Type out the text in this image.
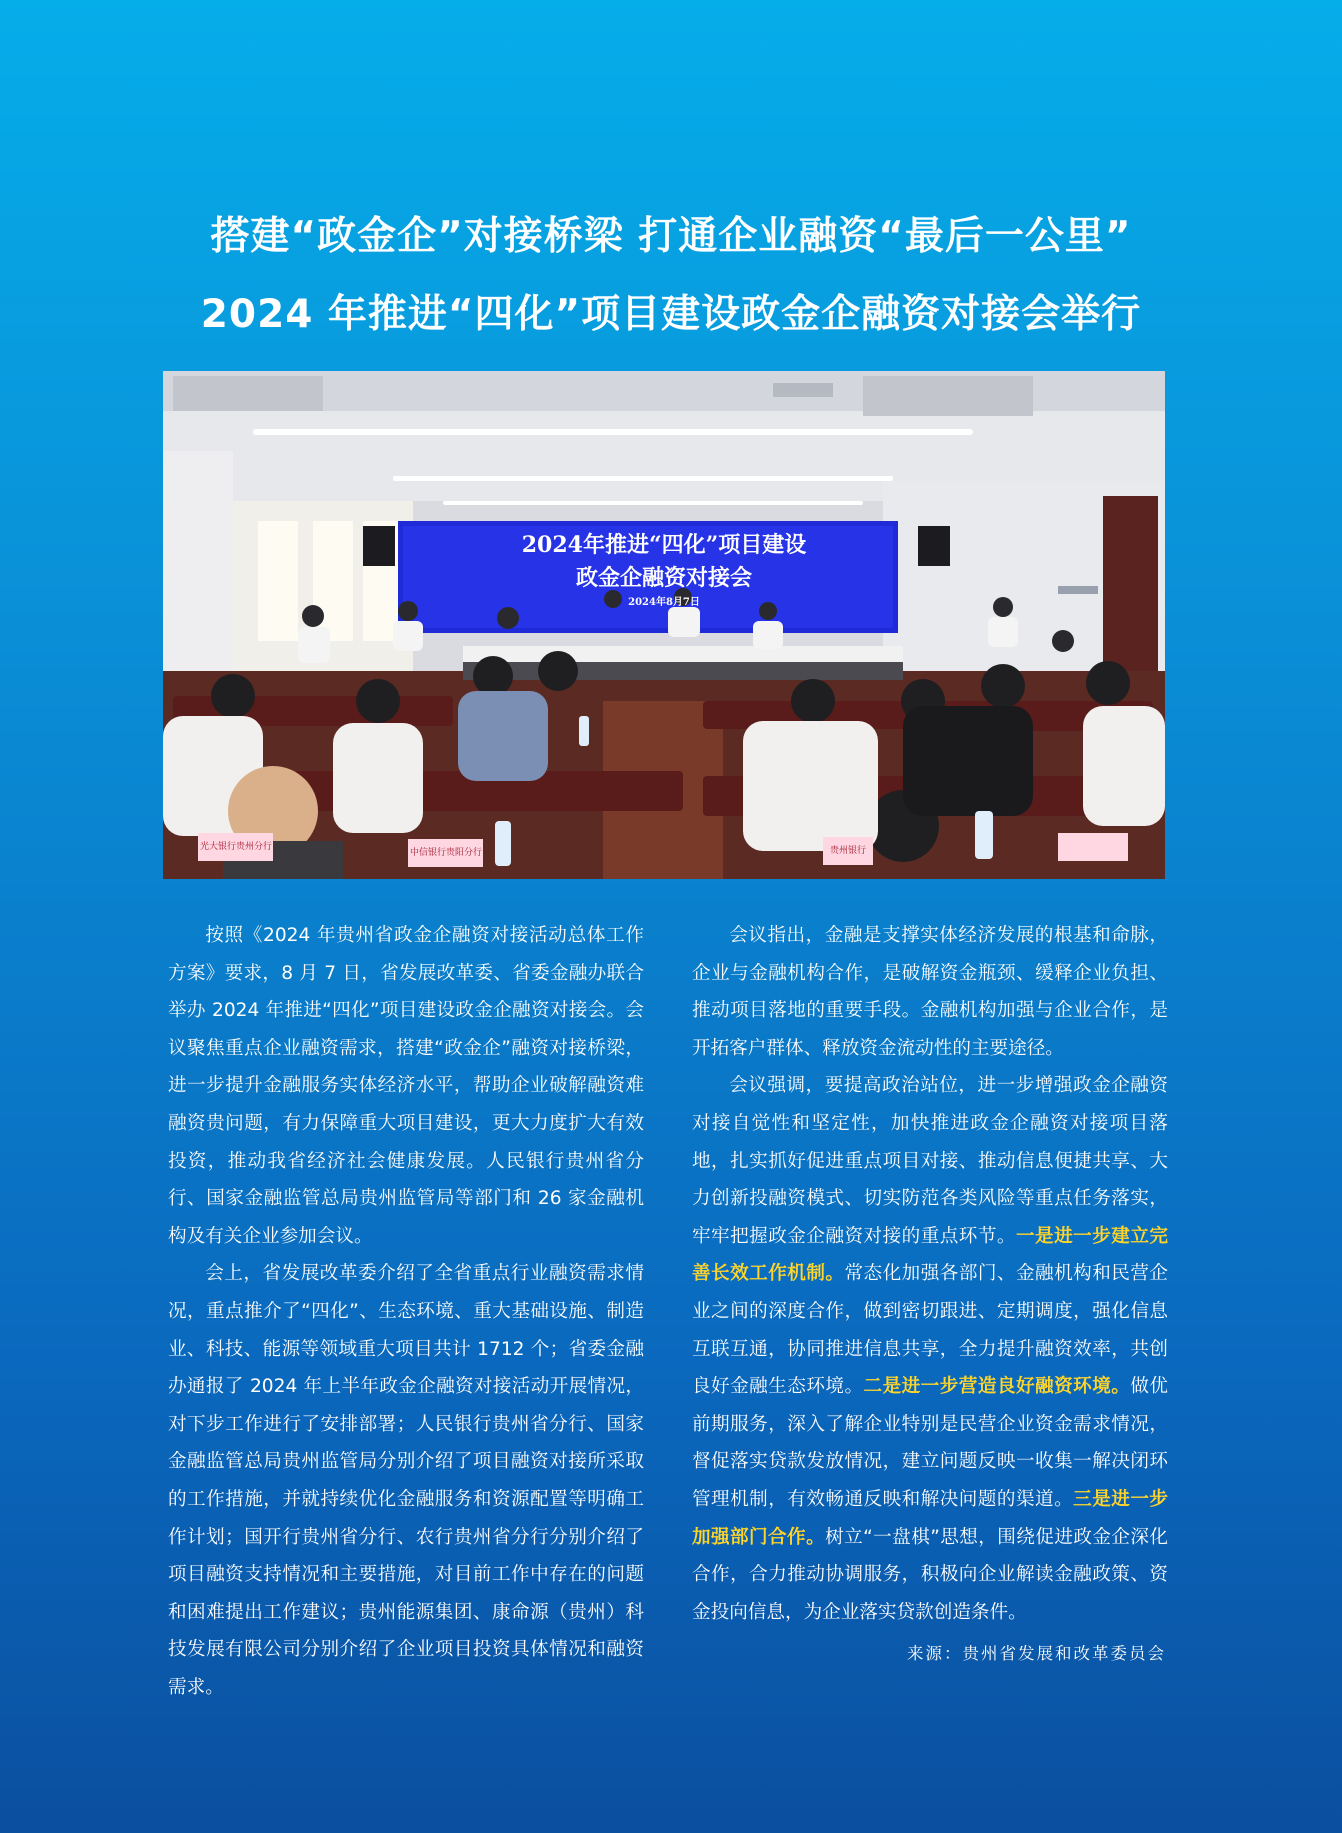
搭建“政金企”对接桥梁 打通企业融资“最后一公里”
2024 年推进“四化”项目建设政金企融资对接会举行
2024年推进“四化”项目建设
政金企融资对接会
2024年8月7日
光大银行贵州分行
中信银行贵阳分行	贵州银行

按照《2024 年贵州省政金企融资对接活动总体工作方案》要求，8 月 7 日，省发展改革委、省委金融办联合举办 2024 年推进“四化”项目建设政金企融资对接会。会议聚焦重点企业融资需求，搭建“政金企”融资对接桥梁，进一步提升金融服务实体经济水平，帮助企业破解融资难融资贵问题，有力保障重大项目建设，更大力度扩大有效投资，推动我省经济社会健康发展。人民银行贵州省分行、国家金融监管总局贵州监管局等部门和 26 家金融机构及有关企业参加会议。

会上，省发展改革委介绍了全省重点行业融资需求情况，重点推介了“四化”、生态环境、重大基础设施、制造业、科技、能源等领域重大项目共计 1712 个；省委金融办通报了 2024 年上半年政金企融资对接活动开展情况，对下步工作进行了安排部署；人民银行贵州省分行、国家金融监管总局贵州监管局分别介绍了项目融资对接所采取的工作措施，并就持续优化金融服务和资源配置等明确工作计划；国开行贵州省分行、农行贵州省分行分别介绍了项目融资支持情况和主要措施，对目前工作中存在的问题和困难提出工作建议；贵州能源集团、康命源（贵州）科技发展有限公司分别介绍了企业项目投资具体情况和融资需求。

会议指出，金融是支撑实体经济发展的根基和命脉，企业与金融机构合作，是破解资金瓶颈、缓释企业负担、推动项目落地的重要手段。金融机构加强与企业合作，是开拓客户群体、释放资金流动性的主要途径。

会议强调，要提高政治站位，进一步增强政金企融资对接自觉性和坚定性，加快推进政金企融资对接项目落地，扎实抓好促进重点项目对接、推动信息便捷共享、大力创新投融资模式、切实防范各类风险等重点任务落实，牢牢把握政金企融资对接的重点环节。一是进一步建立完善长效工作机制。常态化加强各部门、金融机构和民营企业之间的深度合作，做到密切跟进、定期调度，强化信息互联互通，协同推进信息共享，全力提升融资效率，共创良好金融生态环境。二是进一步营造良好融资环境。做优前期服务，深入了解企业特别是民营企业资金需求情况，督促落实贷款发放情况，建立问题反映一收集一解决闭环管理机制，有效畅通反映和解决问题的渠道。三是进一步加强部门合作。树立“一盘棋”思想，围绕促进政金企深化合作，合力推动协调服务，积极向企业解读金融政策、资金投向信息，为企业落实贷款创造条件。

来源：贵州省发展和改革委员会
